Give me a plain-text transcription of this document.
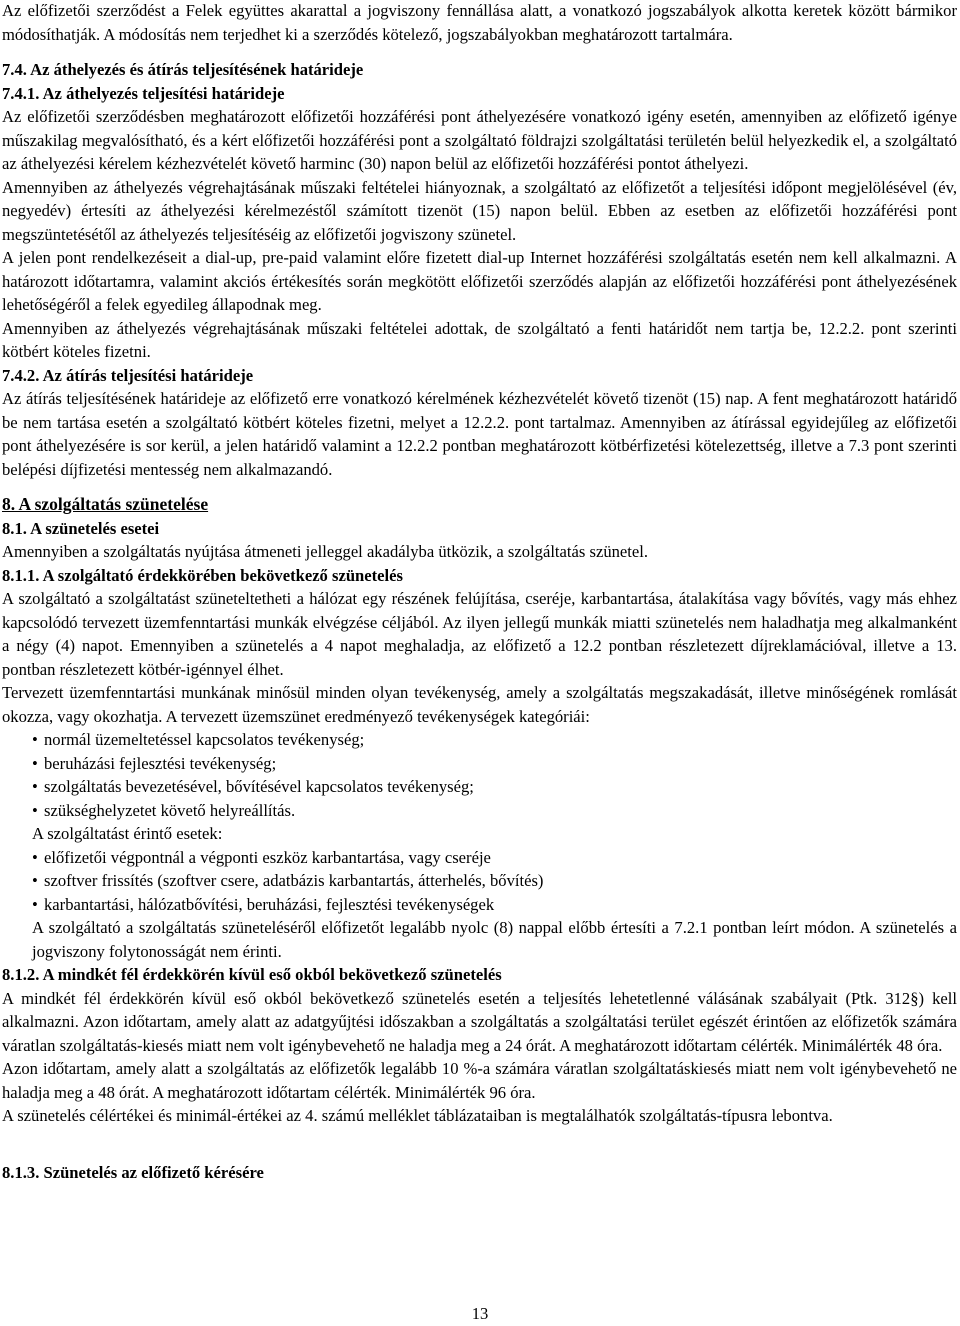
Az előfizetői szerződést a Felek együttes akarattal a jogviszony fennállása alatt, a vonatkozó jogszabályok alkotta keretek között bármikor módosíthatják. A módosítás nem terjedhet ki a szerződés kötelező, jogszabályokban meghatározott tartalmára.

7.4. Az áthelyezés és átírás teljesítésének határideje

7.4.1. Az áthelyezés teljesítési határideje

Az előfizetői szerződésben meghatározott előfizetői hozzáférési pont áthelyezésére vonatkozó igény esetén, amennyiben az előfizető igénye műszakilag megvalósítható, és a kért előfizetői hozzáférési pont a szolgáltató földrajzi szolgáltatási területén belül helyezkedik el, a szolgáltató az áthelyezési kérelem kézhezvételét követő harminc (30) napon belül az előfizetői hozzáférési pontot áthelyezi.

Amennyiben az áthelyezés végrehajtásának műszaki feltételei hiányoznak, a szolgáltató az előfizetőt a teljesítési időpont megjelölésével (év, negyedév) értesíti az áthelyezési kérelmezéstől számított tizenöt (15) napon belül. Ebben az esetben az előfizetői hozzáférési pont megszüntetésétől az áthelyezés teljesítéséig az előfizetői jogviszony szünetel.

A jelen pont rendelkezéseit a dial-up, pre-paid valamint előre fizetett dial-up Internet hozzáférési szolgáltatás esetén nem kell alkalmazni. A határozott időtartamra, valamint akciós értékesítés során megkötött előfizetői szerződés alapján az előfizetői hozzáférési pont áthelyezésének lehetőségéről a felek egyedileg állapodnak meg.

Amennyiben az áthelyezés végrehajtásának műszaki feltételei adottak, de szolgáltató a fenti határidőt nem tartja be, 12.2.2. pont szerinti kötbért köteles fizetni.

7.4.2. Az átírás teljesítési határideje

Az átírás teljesítésének határideje az előfizető erre vonatkozó kérelmének kézhezvételét követő tizenöt (15) nap. A fent meghatározott határidő be nem tartása esetén a szolgáltató kötbért köteles fizetni, melyet a 12.2.2. pont tartalmaz. Amennyiben az átírással egyidejűleg az előfizetői pont áthelyezésére is sor kerül, a jelen határidő valamint a 12.2.2 pontban meghatározott kötbérfizetési kötelezettség, illetve a 7.3 pont szerinti belépési díjfizetési mentesség nem alkalmazandó.

8. A szolgáltatás szünetelése

8.1. A szünetelés esetei

Amennyiben a szolgáltatás nyújtása átmeneti jelleggel akadályba ütközik, a szolgáltatás szünetel.

8.1.1. A szolgáltató érdekkörében bekövetkező szünetelés

A szolgáltató a szolgáltatást szüneteltetheti a hálózat egy részének felújítása, cseréje, karbantartása, átalakítása vagy bővítés, vagy más ehhez kapcsolódó tervezett üzemfenntartási munkák elvégzése céljából. Az ilyen jellegű munkák miatti szünetelés nem haladhatja meg alkalmanként a négy (4) napot. Emennyiben a szünetelés a 4 napot meghaladja, az előfizető a 12.2 pontban részletezett díjreklamációval, illetve a 13. pontban részletezett kötbér-igénnyel élhet.

Tervezett üzemfenntartási munkának minősül minden olyan tevékenység, amely a szolgáltatás megszakadását, illetve minőségének romlását okozza, vagy okozhatja. A tervezett üzemszünet eredményező tevékenységek kategóriái:

• normál üzemeltetéssel kapcsolatos tevékenység;
• beruházási fejlesztési tevékenység;
• szolgáltatás bevezetésével, bővítésével kapcsolatos tevékenység;
• szükséghelyzetet követő helyreállítás.

A szolgáltatást érintő esetek:

• előfizetői végpontnál a végponti eszköz karbantartása, vagy cseréje
• szoftver frissítés (szoftver csere, adatbázis karbantartás, átterhelés, bővítés)
• karbantartási, hálózatbővítési, beruházási, fejlesztési tevékenységek

A szolgáltató a szolgáltatás szüneteléséről előfizetőt legalább nyolc (8) nappal előbb értesíti a 7.2.1 pontban leírt módon. A szünetelés a jogviszony folytonosságát nem érinti.

8.1.2. A mindkét fél érdekkörén kívül eső okból bekövetkező szünetelés

A mindkét fél érdekkörén kívül eső okból bekövetkező szünetelés esetén a teljesítés lehetetlenné válásának szabályait (Ptk. 312§) kell alkalmazni. Azon időtartam, amely alatt az adatgyűjtési időszakban a szolgáltatás a szolgáltatási terület egészét érintően az előfizetők számára váratlan szolgáltatás-kiesés miatt nem volt igénybevehető ne haladja meg a 24 órát. A meghatározott időtartam célérték. Minimálérték 48 óra.

Azon időtartam, amely alatt a szolgáltatás az előfizetők legalább 10 %-a számára váratlan szolgáltatáskiesés miatt nem volt igénybevehető ne haladja meg a 48 órát. A meghatározott időtartam célérték. Minimálérték 96 óra.

A szünetelés célértékei és minimál-értékei az 4. számú melléklet táblázataiban is megtalálhatók szolgáltatás-típusra lebontva.

8.1.3. Szünetelés az előfizető kérésére

13
